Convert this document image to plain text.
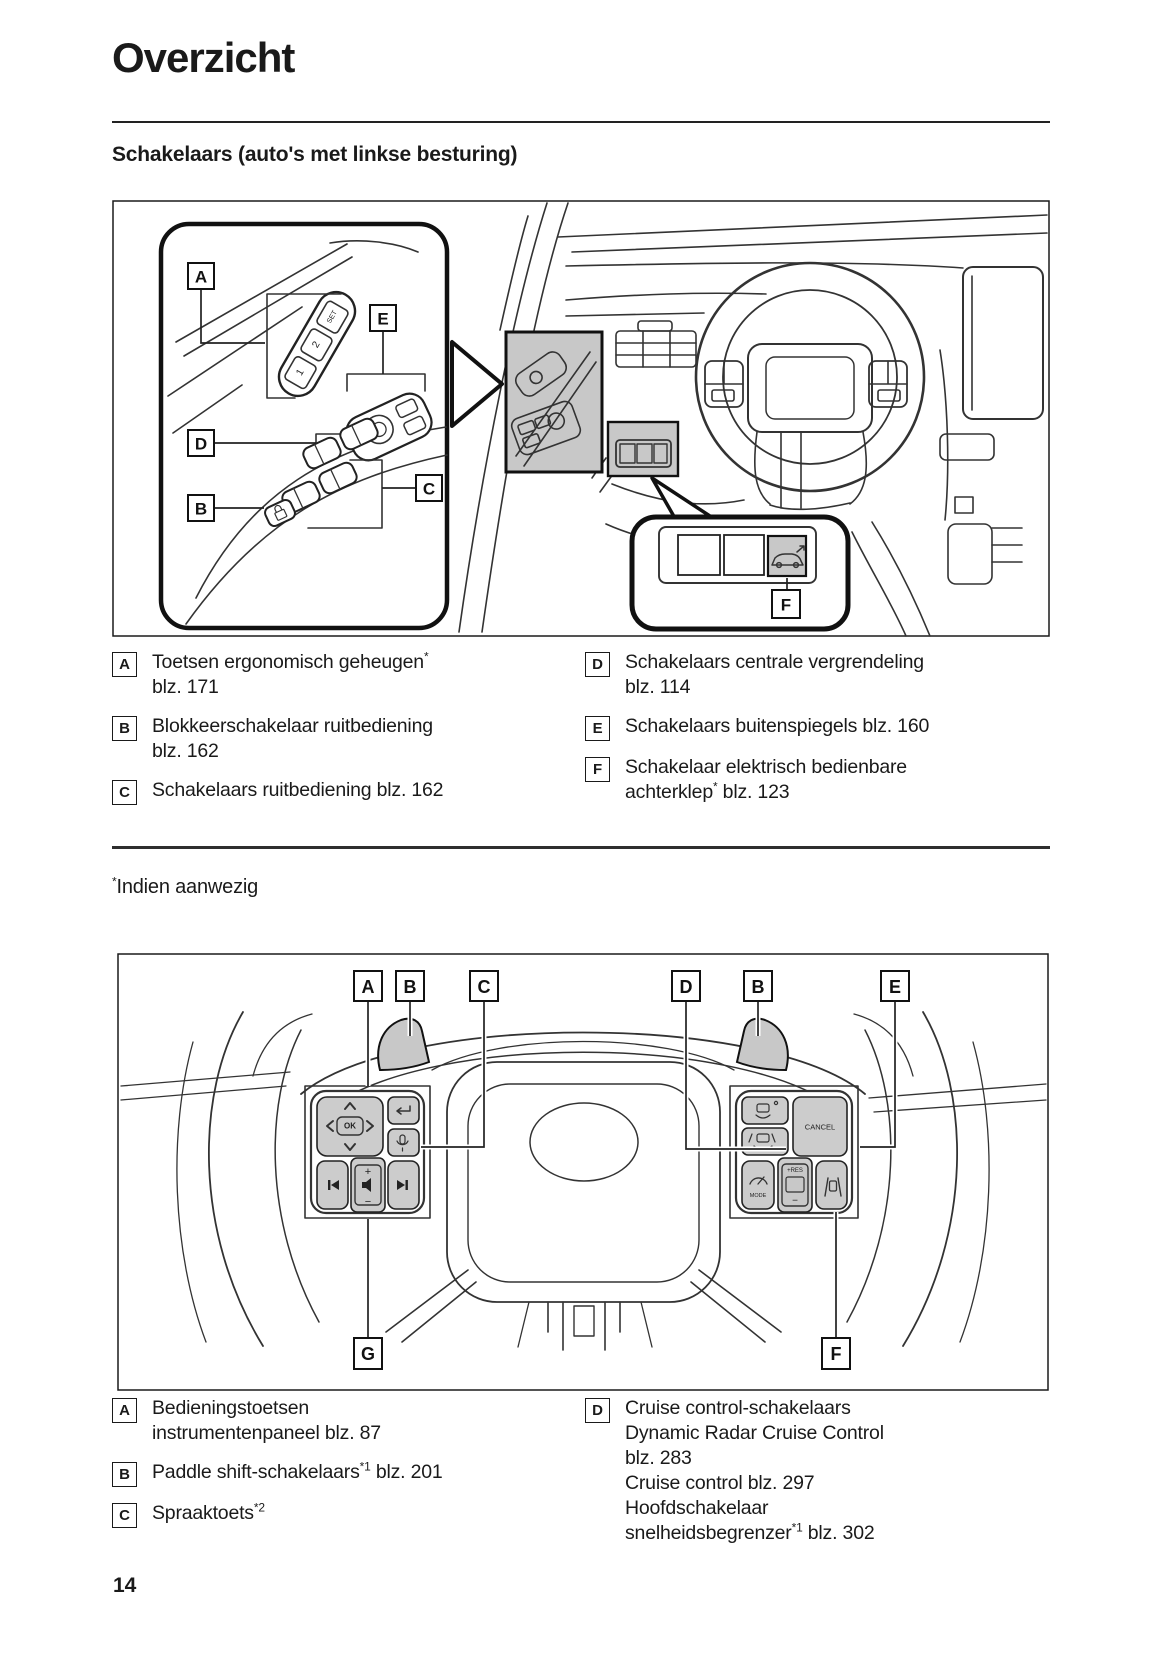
Overzicht
Schakelaars (auto's met linkse besturing)
1
2
SET
A
E
D
C
B
F
A Toetsen ergonomisch geheugen*
blz. 171
B Blokkeerschakelaar ruitbediening
blz. 162
C Schakelaars ruitbediening blz. 162
D Schakelaars centrale vergrendeling
blz. 114
E Schakelaars buitenspiegels blz. 160
F Schakelaar elektrisch bedienbare
achterklep* blz. 123
*Indien aanwezig
OK
+
−
CANCEL
MODE
+RES
−
A B	C	D	B	E
G	F
A Bedieningstoetsen
instrumentenpaneel blz. 87
B Paddle shift-schakelaars$^{*1}$ blz. 201
C Spraaktoets$^{*2}$
D Cruise control-schakelaars
Dynamic Radar Cruise Control
blz. 283
Cruise control blz. 297
Hoofdschakelaar
snelheidsbegrenzer$^{*1}$ blz. 302
14
